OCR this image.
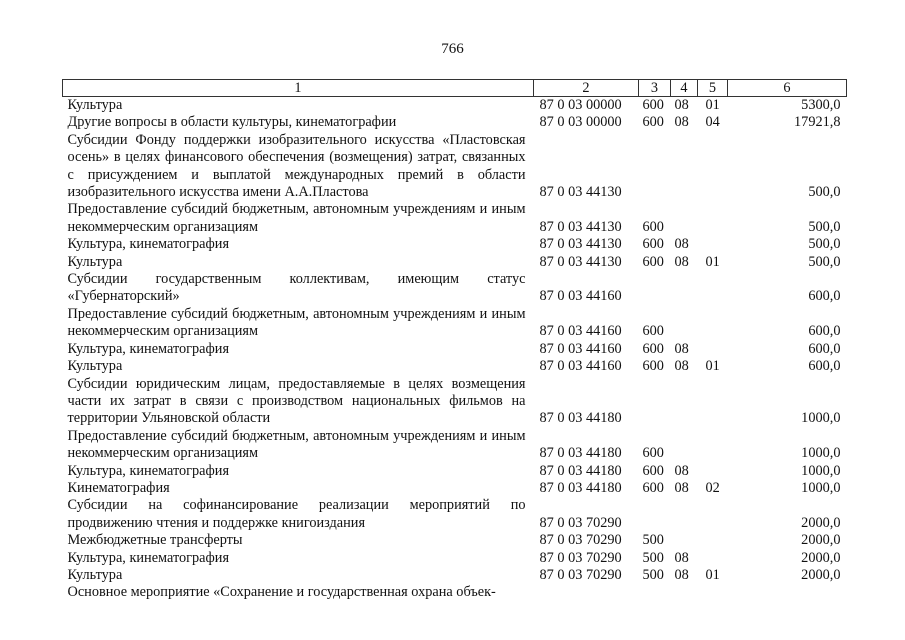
766
1	2	3	4	5	6
Культура	87 0 03 00000	600	08	01	5300,0
Другие вопросы в области культуры, кинематографии	87 0 03 00000	600	08	04	17921,8
Субсидии Фонду поддержки изобразительного искусства «Пластовская осень» в целях финансового обеспечения (возмещения) затрат, связанных с присуждением и выплатой международных премий в области изобразительного искусства имени А.А.Пластова	87 0 03 44130				500,0
Предоставление субсидий бюджетным, автономным учреждениям и иным некоммерческим организациям	87 0 03 44130	600			500,0
Культура, кинематография	87 0 03 44130	600	08		500,0
Культура	87 0 03 44130	600	08	01	500,0
Субсидии государственным коллективам, имеющим статус «Губернаторский»	87 0 03 44160				600,0
Предоставление субсидий бюджетным, автономным учреждениям и иным некоммерческим организациям	87 0 03 44160	600			600,0
Культура, кинематография	87 0 03 44160	600	08		600,0
Культура	87 0 03 44160	600	08	01	600,0
Субсидии юридическим лицам, предоставляемые в целях возмещения части их затрат в связи с производством национальных фильмов на территории Ульяновской области	87 0 03 44180				1000,0
Предоставление субсидий бюджетным, автономным учреждениям и иным некоммерческим организациям	87 0 03 44180	600			1000,0
Культура, кинематография	87 0 03 44180	600	08		1000,0
Кинематография	87 0 03 44180	600	08	02	1000,0
Субсидии на софинансирование реализации мероприятий по продвижению чтения и поддержке книгоиздания	87 0 03 70290				2000,0
Межбюджетные трансферты	87 0 03 70290	500			2000,0
Культура, кинематография	87 0 03 70290	500	08		2000,0
Культура	87 0 03 70290	500	08	01	2000,0
Основное мероприятие «Сохранение и государственная охрана объек-					
